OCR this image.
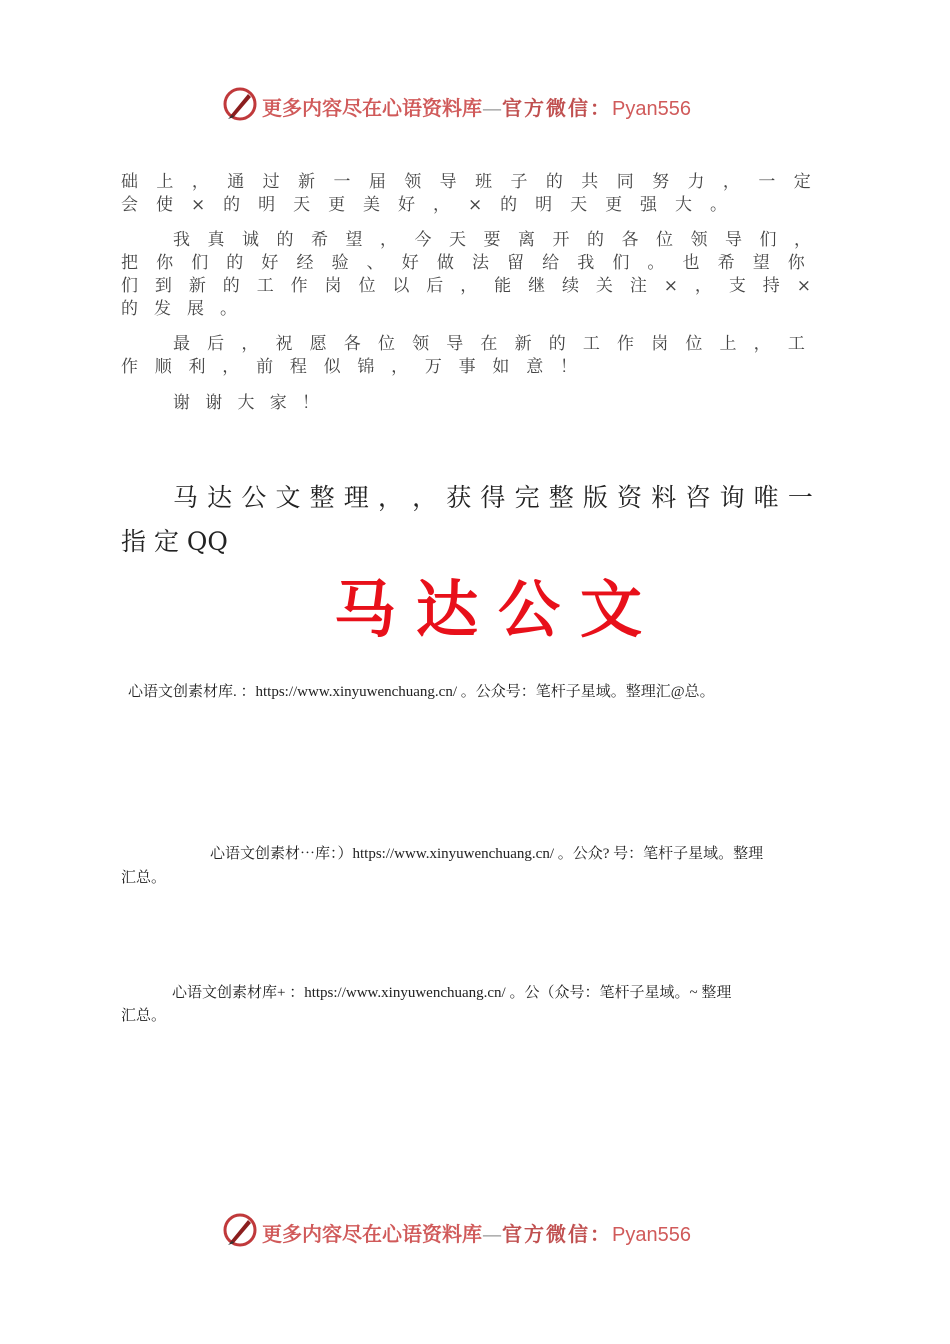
更多内容尽在心语资料库—官方微信：Pyan556
础 上 ， 通 过 新 一 届 领 导 班 子 的 共 同 努 力 ， 一 定
会 使 × 的 明 天 更 美 好 ， × 的 明 天 更 强 大 。
我 真 诚 的 希 望 ， 今 天 要 离 开 的 各 位 领 导 们 ，
把 你 们 的 好 经 验 、 好 做 法 留 给 我 们 。 也 希 望 你
们 到 新 的 工 作 岗 位 以 后 ， 能 继 续 关 注 × ， 支 持 ×
的 发 展 。
最 后 ， 祝 愿 各 位 领 导 在 新 的 工 作 岗 位 上 ， 工
作 顺 利 ， 前 程 似 锦 ， 万 事 如 意 ！
谢 谢 大 家 ！
马 达 公 文 整 理 ， ， 获 得 完 整 版 资 料 咨 询 唯 一
指 定 QQ
马达公文
心语文创素材库. ：https://www.xinyuwenchuang.cn/ 。公众号：笔杆子星域。整理汇@总。
心语文创素材⋯库：）https://www.xinyuwenchuang.cn/ 。公众? 号：笔杆子星域。整理
汇总。
心语文创素材库+ ：https://www.xinyuwenchuang.cn/ 。公（众号：笔杆子星域。~ 整理
汇总。
更多内容尽在心语资料库—官方微信：Pyan556
